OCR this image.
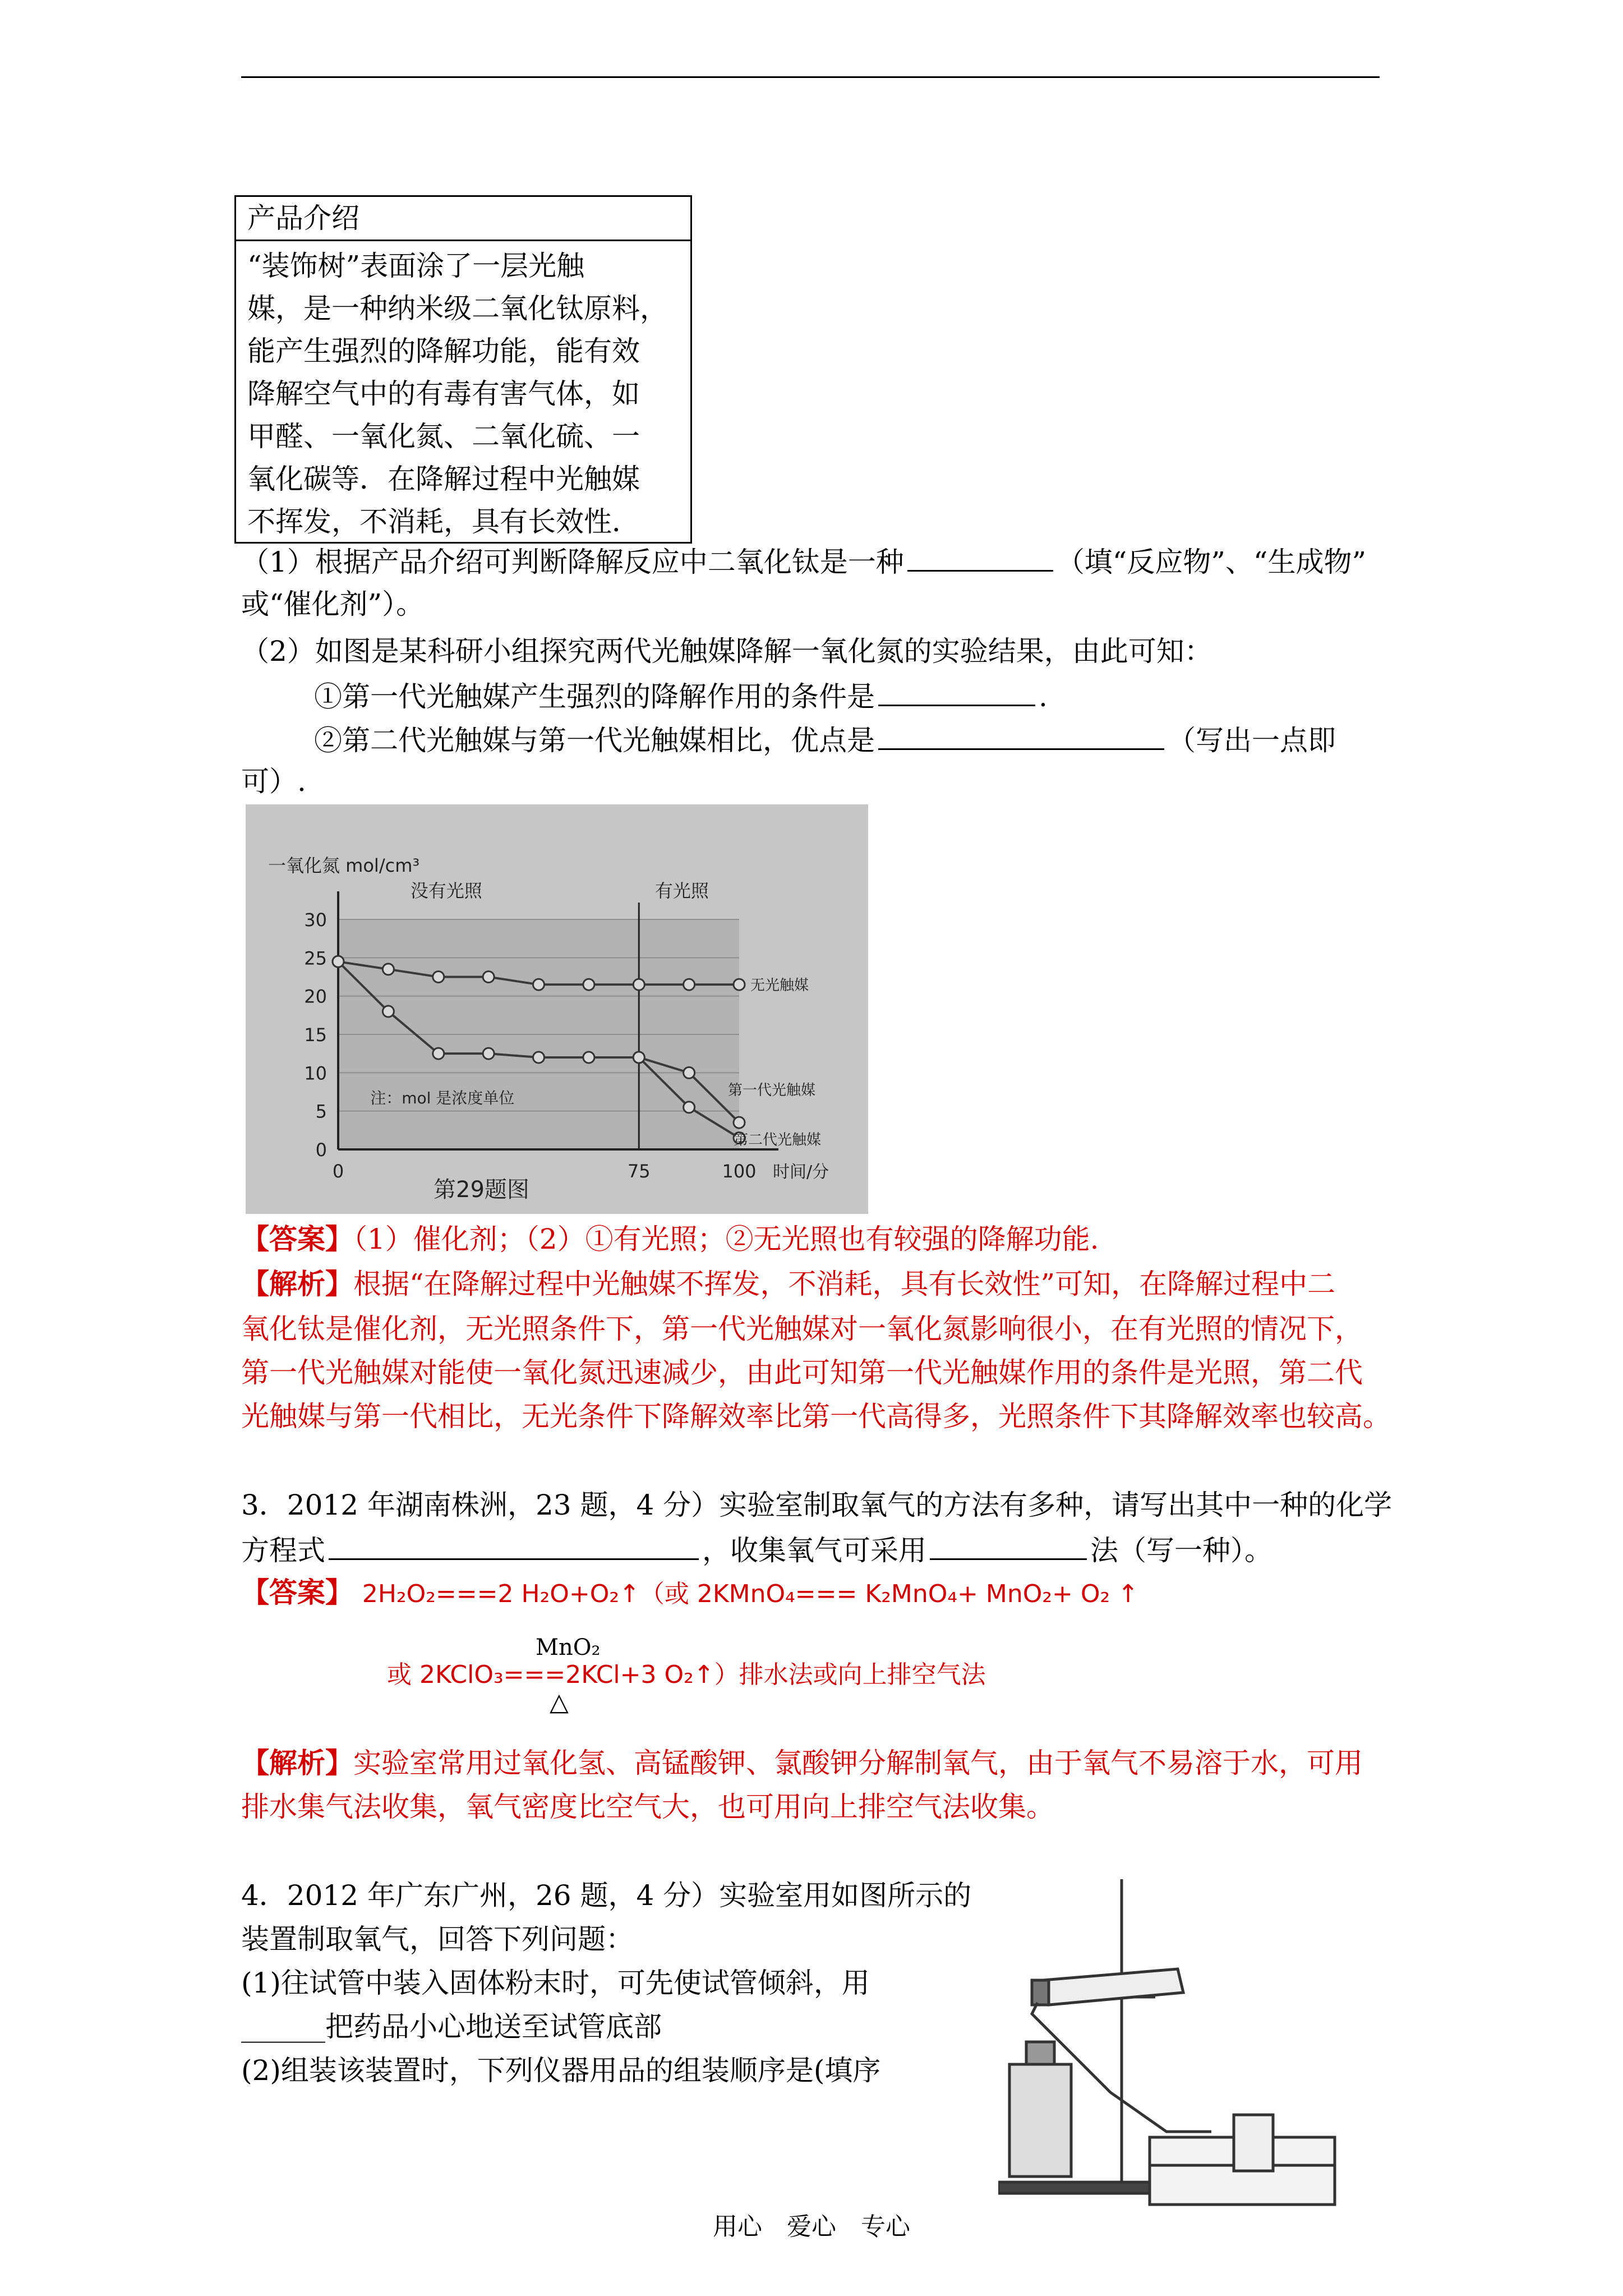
产品介绍
“装饰树”表面涂了一层光触
媒，是一种纳米级二氧化钛原料，
能产生强烈的降解功能，能有效
降解空气中的有毒有害气体，如
甲醛、一氧化氮、二氧化硫、一
氧化碳等．在降解过程中光触媒
不挥发，不消耗，具有长效性．
（1）根据产品介绍可判断降解反应中二氧化钛是一种	（填“反应物”、“生成物”
或“催化剂”）。
（2）如图是某科研小组探究两代光触媒降解一氧化氮的实验结果，由此可知：
①第一代光触媒产生强烈的降解作用的条件是	.
②第二代光触媒与第一代光触媒相比，优点是	（写出一点即
可）.
0
5
10
15
20
25
30
0	75	100 时间/分
一氧化氮 mol/cm³
没有光照	有光照
注：mol 是浓度单位
第29题图
无光触媒
第一代光触媒
第二代光触媒
【答案】（1）催化剂；（2）①有光照；②无光照也有较强的降解功能.
【解析】根据“在降解过程中光触媒不挥发，不消耗，具有长效性”可知，在降解过程中二
氧化钛是催化剂，无光照条件下，第一代光触媒对一氧化氮影响很小，在有光照的情况下，
第一代光触媒对能使一氧化氮迅速减少，由此可知第一代光触媒作用的条件是光照，第二代
光触媒与第一代相比，无光条件下降解效率比第一代高得多，光照条件下其降解效率也较高。
3．2012 年湖南株洲，23 题，4 分）实验室制取氧气的方法有多种，请写出其中一种的化学
方程式	，收集氧气可采用	法（写一种）。
【答案】 2H₂O₂===2 H₂O+O₂↑（或 2KMnO₄=== K₂MnO₄+ MnO₂+ O₂ ↑
MnO₂
或 2KClO₃===2KCl+3 O₂↑）排水法或向上排空气法
△
【解析】实验室常用过氧化氢、高锰酸钾、氯酸钾分解制氧气，由于氧气不易溶于水，可用
排水集气法收集，氧气密度比空气大，也可用向上排空气法收集。
4．2012 年广东广州，26 题，4 分）实验室用如图所示的
装置制取氧气，回答下列问题：
(1)往试管中装入固体粉末时，可先使试管倾斜，用
______把药品小心地送至试管底部
(2)组装该装置时，下列仪器用品的组装顺序是(填序
用心　爱心　专心
